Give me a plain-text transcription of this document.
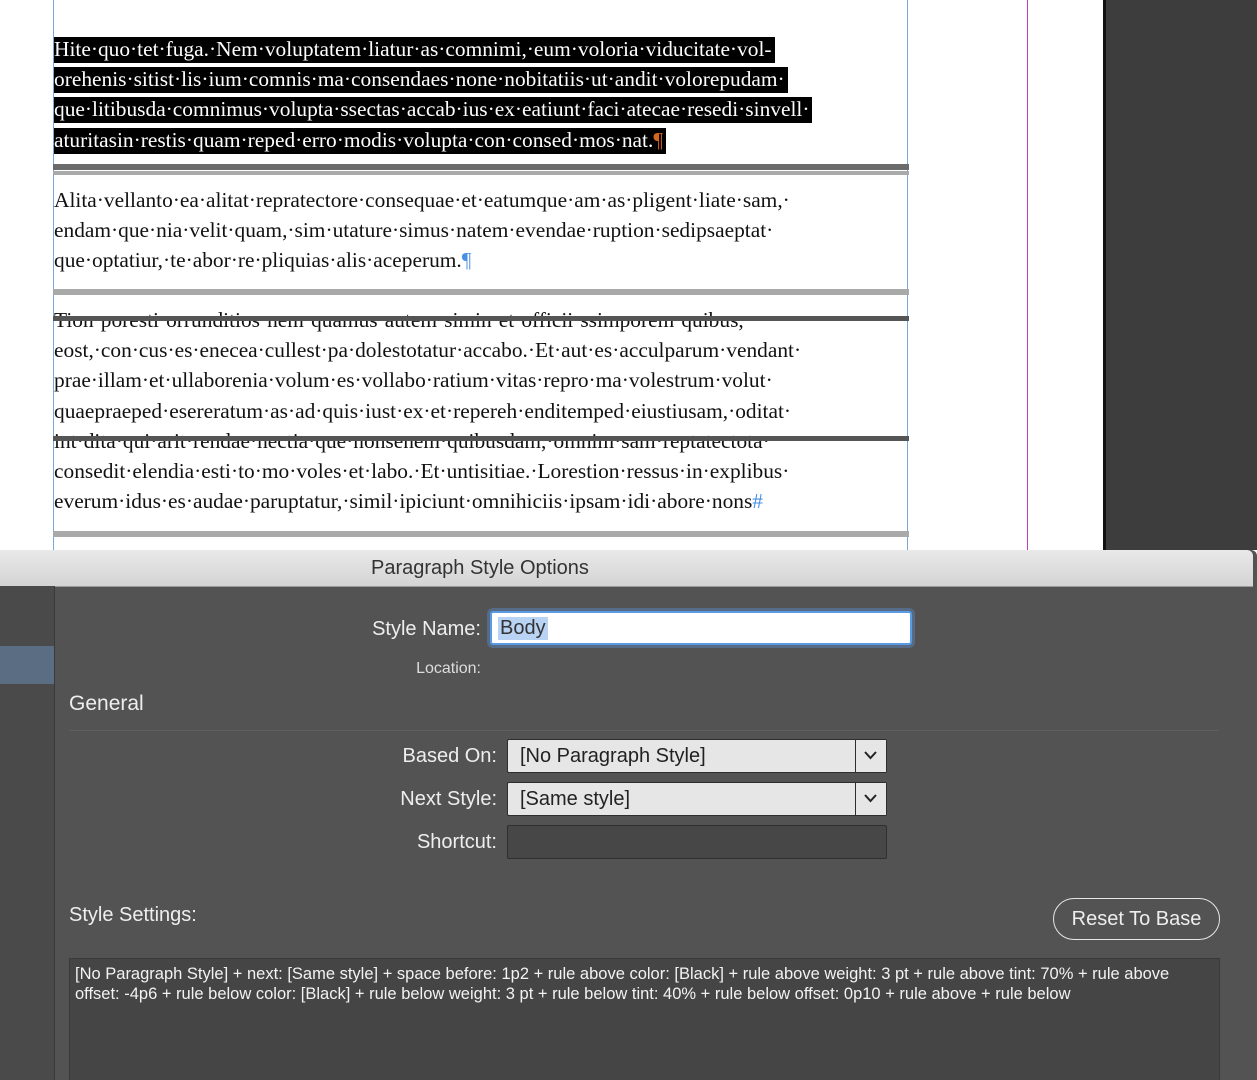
Hite·quo·tet·fuga.·Nem·voluptatem·liatur·as·comnimi,·eum·voloria·viducitate·vol-
orehenis·sitist·lis·ium·comnis·ma·consendaes·none·nobitatiis·ut·andit·volorepudam·
que·litibusda·comnimus·volupta·ssectas·accab·ius·ex·eatiunt·faci·atecae·resedi·sinvell·
aturitasin·restis·quam·reped·erro·modis·volupta·con·consed·mos·nat.¶
Alita·vellanto·ea·alitat·repratectore·consequae·et·eatumque·am·as·pligent·liate·sam,·
endam·que·nia·velit·quam,·sim·utature·simus·natem·evendae·ruption·sedipsaeptat·
que·optatiur,·te·abor·re·pliquias·alis·aceperum.¶
eost,·con·cus·es·enecea·cullest·pa·dolestotatur·accabo.·Et·aut·es·acculparum·vendant·
prae·illam·et·ullaborenia·volum·es·vollabo·ratium·vitas·repro·ma·volestrum·volut·
quaepraeped·esereratum·as·ad·quis·iust·ex·et·repereh·enditemped·eiustiusam,·oditat·
consedit·elendia·esti·to·mo·voles·et·labo.·Et·untisitiae.·Lorestion·ressus·in·explibus·
everum·idus·es·audae·paruptatur,·simil·ipiciunt·omnihiciis·ipsam·idi·abore·nons#
Paragraph Style Options
Style Name: Body
Location:
General
Based On: [No Paragraph Style]
Next Style: [Same style]
Shortcut:
Style Settings:	Reset To Base
[No Paragraph Style] + next: [Same style] + space before: 1p2 + rule above color: [Black] + rule above weight: 3 pt + rule above tint: 70% + rule above offset: -4p6 + rule below color: [Black] + rule below weight: 3 pt + rule below tint: 40% + rule below offset: 0p10 + rule above + rule below
